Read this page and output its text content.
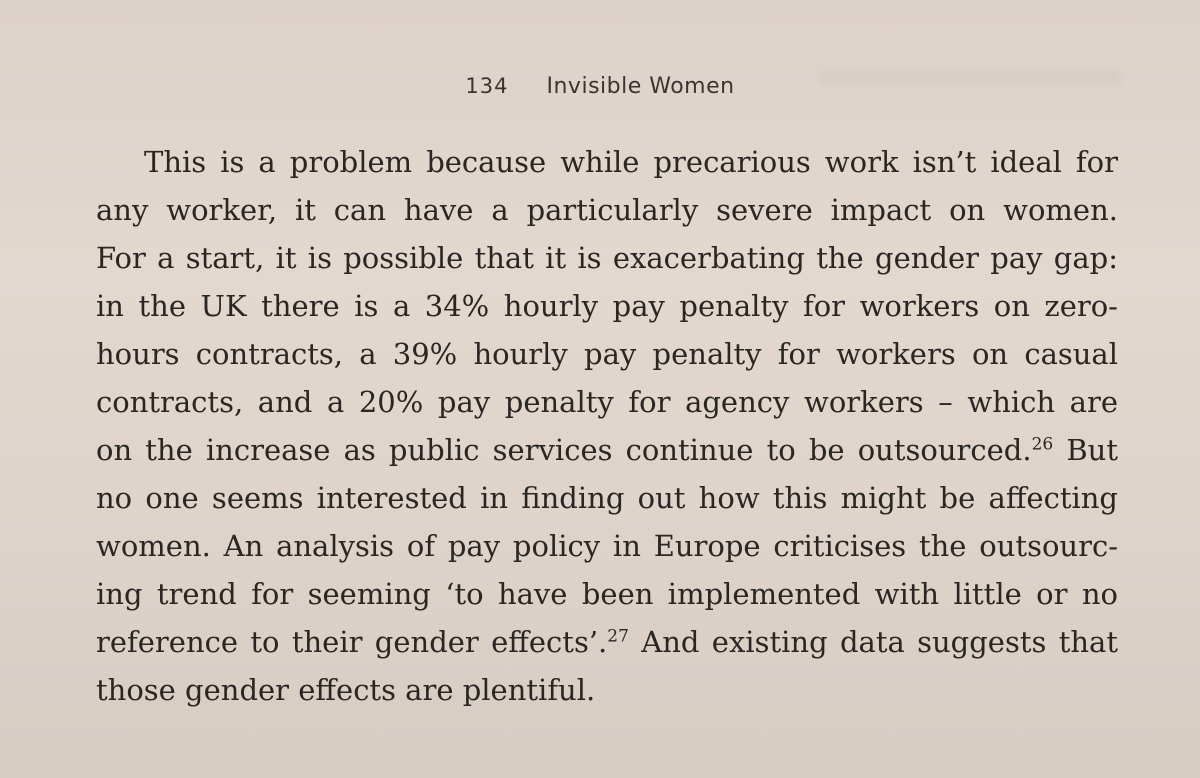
134 Invisible Women
This is a problem because while precarious work isn’t ideal for
any worker, it can have a particularly severe impact on women.
For a start, it is possible that it is exacerbating the gender pay gap:
in the UK there is a 34% hourly pay penalty for workers on zero-
hours contracts, a 39% hourly pay penalty for workers on casual
contracts, and a 20% pay penalty for agency workers – which are
on the increase as public services continue to be outsourced.$^{26}$ But
no one seems interested in finding out how this might be affecting
women. An analysis of pay policy in Europe criticises the outsourc-
ing trend for seeming ‘to have been implemented with little or no
reference to their gender effects’.$^{27}$ And existing data suggests that
those gender effects are plentiful.
